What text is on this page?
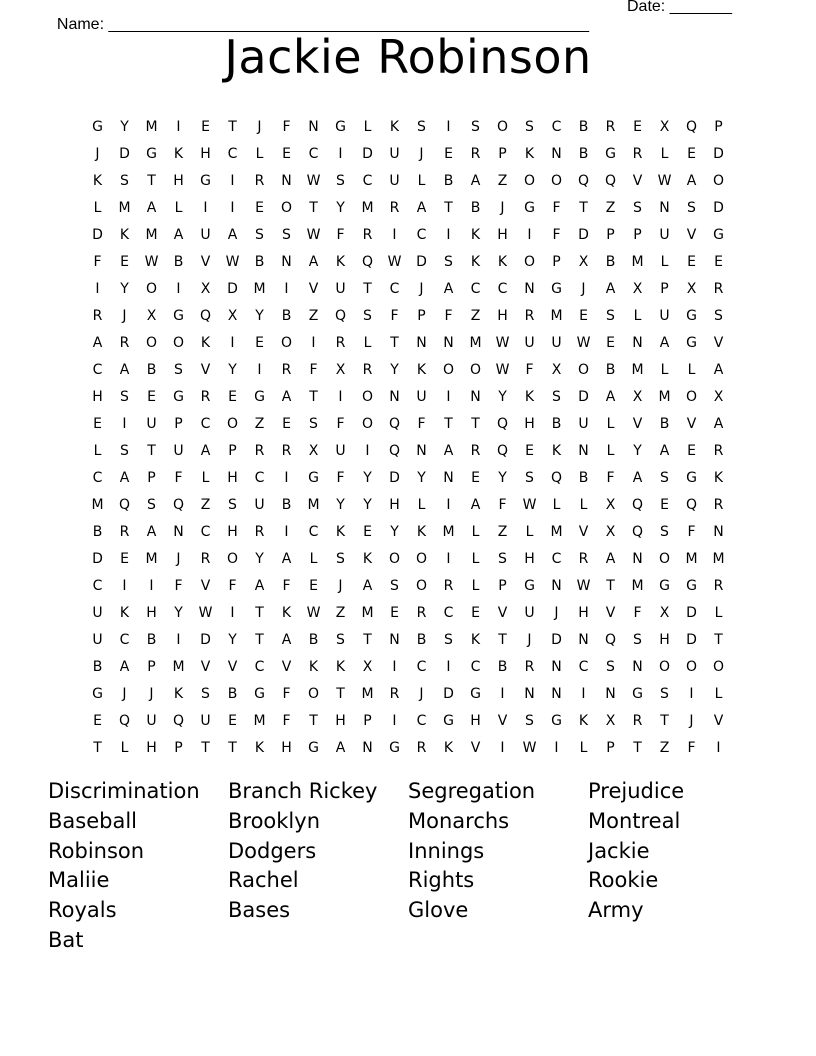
Name: ______________________________________________________

Date: _______

Jackie Robinson
G	Y	M	I	E	T	J	F	N	G	L	K	S	I	S	O	S	C	B	R	E	X	Q	P
J	D	G	K	H	C	L	E	C	I	D	U	J	E	R	P	K	N	B	G	R	L	E	D
K	S	T	H	G	I	R	N	W	S	C	U	L	B	A	Z	O	O	Q	Q	V	W	A	O
L	M	A	L	I	I	E	O	T	Y	M	R	A	T	B	J	G	F	T	Z	S	N	S	D
D	K	M	A	U	A	S	S	W	F	R	I	C	I	K	H	I	F	D	P	P	U	V	G
F	E	W	B	V	W	B	N	A	K	Q	W	D	S	K	K	O	P	X	B	M	L	E	E
I	Y	O	I	X	D	M	I	V	U	T	C	J	A	C	C	N	G	J	A	X	P	X	R
R	J	X	G	Q	X	Y	B	Z	Q	S	F	P	F	Z	H	R	M	E	S	L	U	G	S
A	R	O	O	K	I	E	O	I	R	L	T	N	N	M	W	U	U	W	E	N	A	G	V
C	A	B	S	V	Y	I	R	F	X	R	Y	K	O	O	W	F	X	O	B	M	L	L	A
H	S	E	G	R	E	G	A	T	I	O	N	U	I	N	Y	K	S	D	A	X	M	O	X
E	I	U	P	C	O	Z	E	S	F	O	Q	F	T	T	Q	H	B	U	L	V	B	V	A
L	S	T	U	A	P	R	R	X	U	I	Q	N	A	R	Q	E	K	N	L	Y	A	E	R
C	A	P	F	L	H	C	I	G	F	Y	D	Y	N	E	Y	S	Q	B	F	A	S	G	K
M	Q	S	Q	Z	S	U	B	M	Y	Y	H	L	I	A	F	W	L	L	X	Q	E	Q	R
B	R	A	N	C	H	R	I	C	K	E	Y	K	M	L	Z	L	M	V	X	Q	S	F	N
D	E	M	J	R	O	Y	A	L	S	K	O	O	I	L	S	H	C	R	A	N	O	M	M
C	I	I	F	V	F	A	F	E	J	A	S	O	R	L	P	G	N	W	T	M	G	G	R
U	K	H	Y	W	I	T	K	W	Z	M	E	R	C	E	V	U	J	H	V	F	X	D	L
U	C	B	I	D	Y	T	A	B	S	T	N	B	S	K	T	J	D	N	Q	S	H	D	T
B	A	P	M	V	V	C	V	K	K	X	I	C	I	C	B	R	N	C	S	N	O	O	O
G	J	J	K	S	B	G	F	O	T	M	R	J	D	G	I	N	N	I	N	G	S	I	L
E	Q	U	Q	U	E	M	F	T	H	P	I	C	G	H	V	S	G	K	X	R	T	J	V
T	L	H	P	T	T	K	H	G	A	N	G	R	K	V	I	W	I	L	P	T	Z	F	I
Discrimination	Branch Rickey	Segregation	Prejudice
Baseball	Brooklyn	Monarchs	Montreal
Robinson	Dodgers	Innings	Jackie
Maliie	Rachel	Rights	Rookie
Royals	Bases	Glove	Army
Bat
